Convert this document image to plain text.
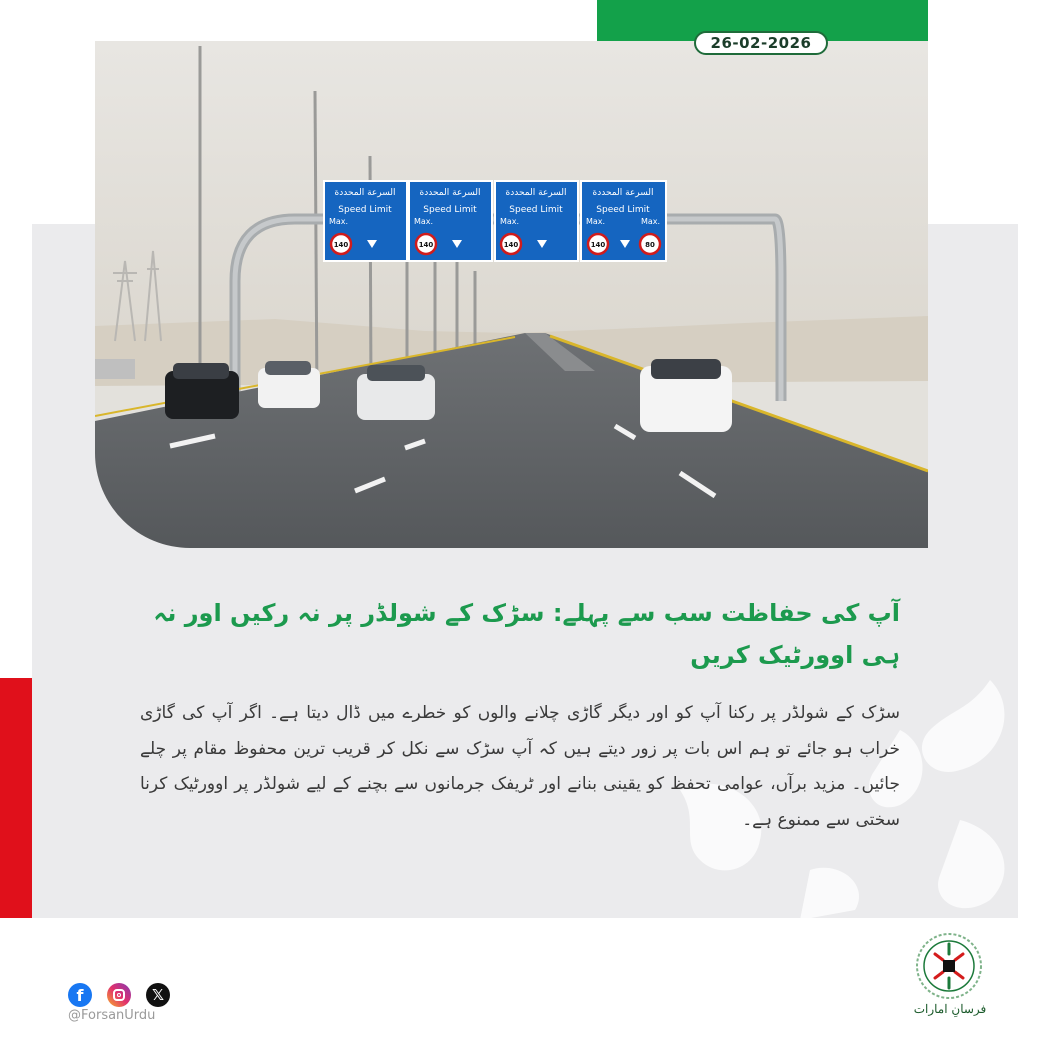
السرعة المحددة
Speed Limit
السرعة المحددة
Speed Limit
السرعة المحددة
Speed Limit
السرعة المحددة
Speed Limit
Max.	Max.	Max.	Max.	Max.
140	140	140	140	80
26-02-2026
آپ کی حفاظت سب سے پہلے: سڑک کے شولڈر پر نہ رکیں اور نہ ہی اوورٹیک کریں
سڑک کے شولڈر پر رکنا آپ کو اور دیگر گاڑی چلانے والوں کو خطرے میں ڈال دیتا ہے۔ اگر آپ کی گاڑی خراب ہو جائے تو ہم اس بات پر زور دیتے ہیں کہ آپ سڑک سے نکل کر قریب ترین محفوظ مقام پر چلے جائیں۔ مزید برآں، عوامی تحفظ کو یقینی بنانے اور ٹریفک جرمانوں سے بچنے کے لیے شولڈر پر اوورٹیک کرنا سختی سے ممنوع ہے۔
f	𝕏
@ForsanUrdu	فرسانِ امارات
